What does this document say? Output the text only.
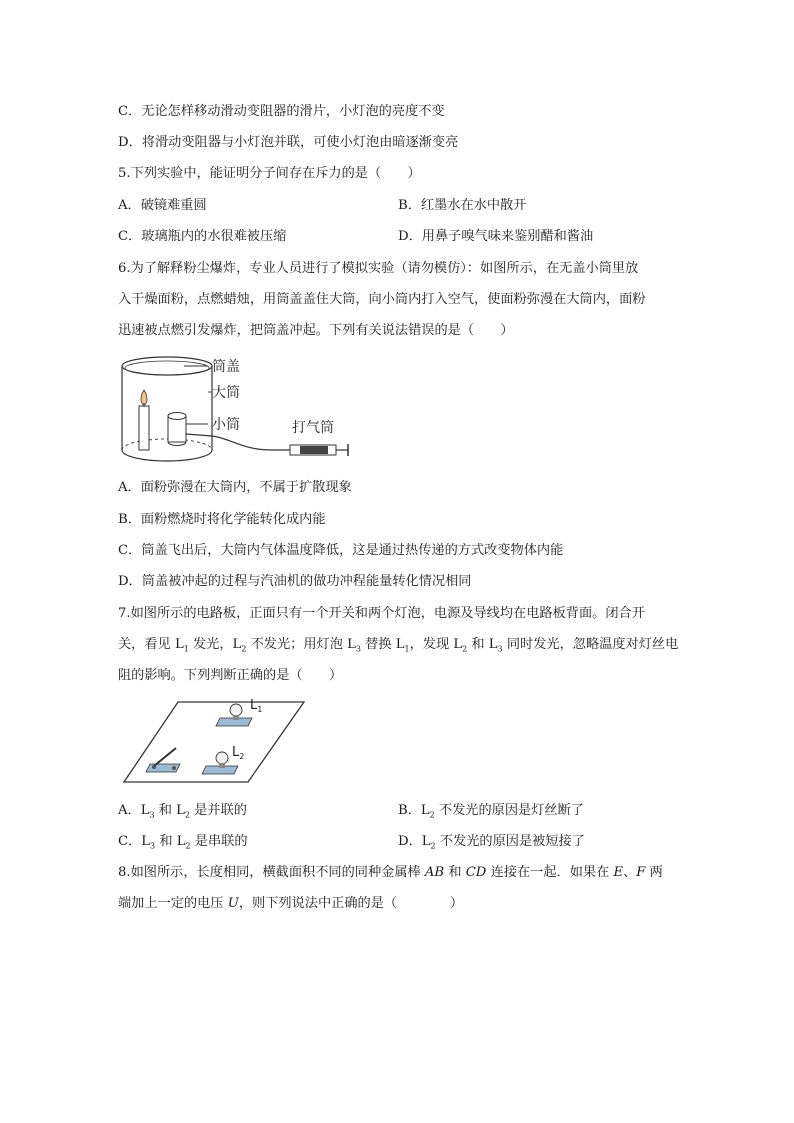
C．无论怎样移动滑动变阻器的滑片，小灯泡的亮度不变
D．将滑动变阻器与小灯泡并联，可使小灯泡由暗逐渐变亮
5.下列实验中，能证明分子间存在斥力的是（　　）
A．破镜难重圆	B．红墨水在水中散开
C．玻璃瓶内的水很难被压缩	D．用鼻子嗅气味来鉴别醋和酱油
6.为了解释粉尘爆炸，专业人员进行了模拟实验（请勿模仿）：如图所示，在无盖小筒里放
入干燥面粉，点燃蜡烛，用筒盖盖住大筒，向小筒内打入空气，使面粉弥漫在大筒内，面粉
迅速被点燃引发爆炸，把筒盖冲起。下列有关说法错误的是（　　）
筒盖
大筒
小筒	打气筒
A．面粉弥漫在大筒内，不属于扩散现象
B．面粉燃烧时将化学能转化成内能
C．筒盖飞出后，大筒内气体温度降低，这是通过热传递的方式改变物体内能
D．筒盖被冲起的过程与汽油机的做功冲程能量转化情况相同
7.如图所示的电路板，正面只有一个开关和两个灯泡，电源及导线均在电路板背面。闭合开
关，看见 $L_1$ 发光，$L_2$ 不发光；用灯泡 $L_3$ 替换 $L_1$，发现 $L_2$ 和 $L_3$ 同时发光，忽略温度对灯丝电
阻的影响。下列判断正确的是（　　）
$L_1$
$L_2$
A．$L_3$ 和 $L_2$ 是并联的	B．$L_2$ 不发光的原因是灯丝断了
C．$L_3$ 和 $L_2$ 是串联的	D．$L_2$ 不发光的原因是被短接了
8.如图所示，长度相同，横截面积不同的同种金属棒 AB 和 CD 连接在一起．如果在 E、F 两
端加上一定的电压 U，则下列说法中正确的是（　　　　）
